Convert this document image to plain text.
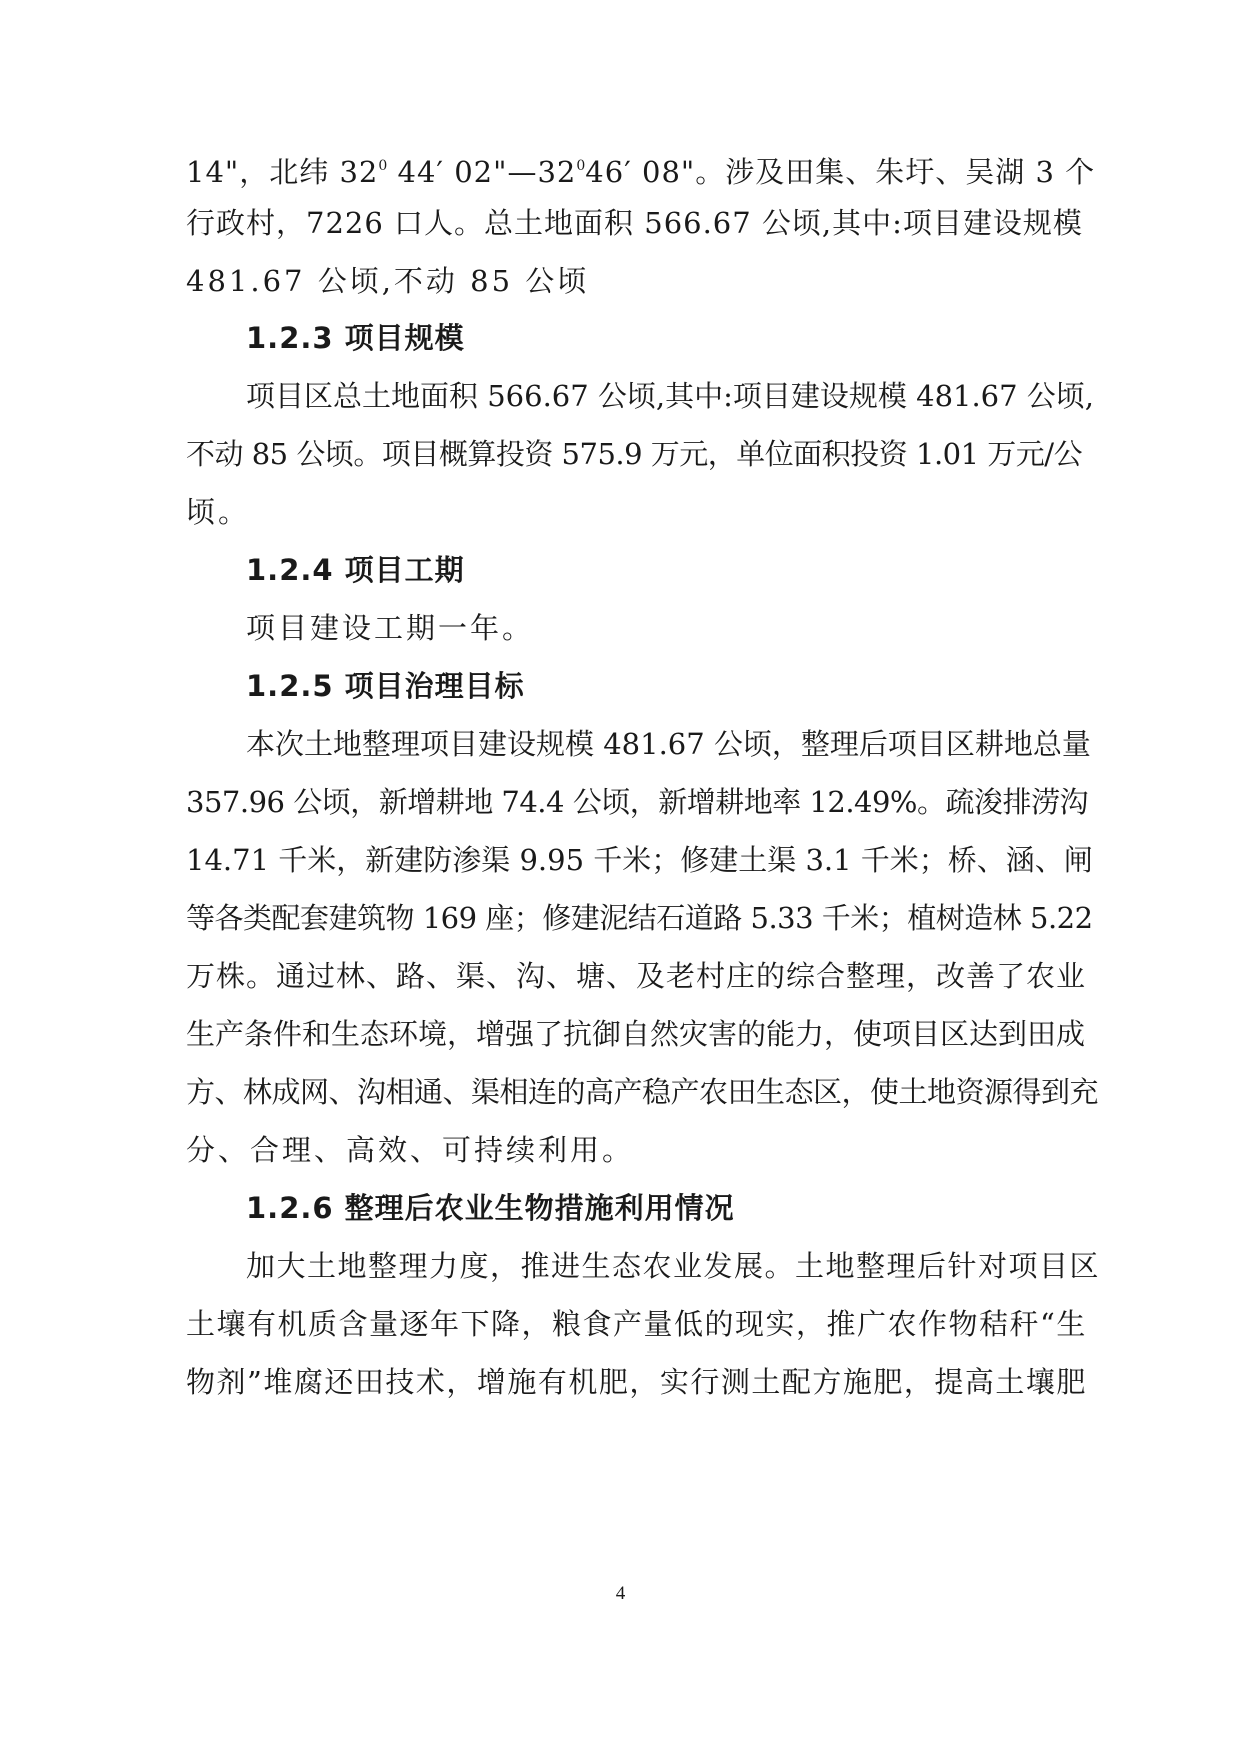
14"，北纬 $32^0$ 44′ $02"—32^046'$ 08"。涉及田集、朱圩、吴湖 3 个

行政村，7226 口人。总土地面积 566.67 公顷,其中:项目建设规模

481.67 公顷,不动 85 公顷

1.2.3 项目规模

项目区总土地面积 566.67 公顷,其中:项目建设规模 481.67 公顷,

不动 85 公顷。项目概算投资 575.9 万元，单位面积投资 1.01 万元/公

顷。

1.2.4 项目工期

项目建设工期一年。

1.2.5 项目治理目标

本次土地整理项目建设规模 481.67 公顷，整理后项目区耕地总量

357.96 公顷，新增耕地 74.4 公顷，新增耕地率 12.49%。疏浚排涝沟

14.71 千米，新建防渗渠 9.95 千米；修建土渠 3.1 千米；桥、涵、闸

等各类配套建筑物 169 座；修建泥结石道路 5.33 千米；植树造林 5.22

万株。通过林、路、渠、沟、塘、及老村庄的综合整理，改善了农业

生产条件和生态环境，增强了抗御自然灾害的能力，使项目区达到田成

方、林成网、沟相通、渠相连的高产稳产农田生态区，使土地资源得到充

分、合理、高效、可持续利用。

1.2.6 整理后农业生物措施利用情况

加大土地整理力度，推进生态农业发展。土地整理后针对项目区

土壤有机质含量逐年下降，粮食产量低的现实，推广农作物秸秆“生

物剂”堆腐还田技术，增施有机肥，实行测土配方施肥，提高土壤肥

4
